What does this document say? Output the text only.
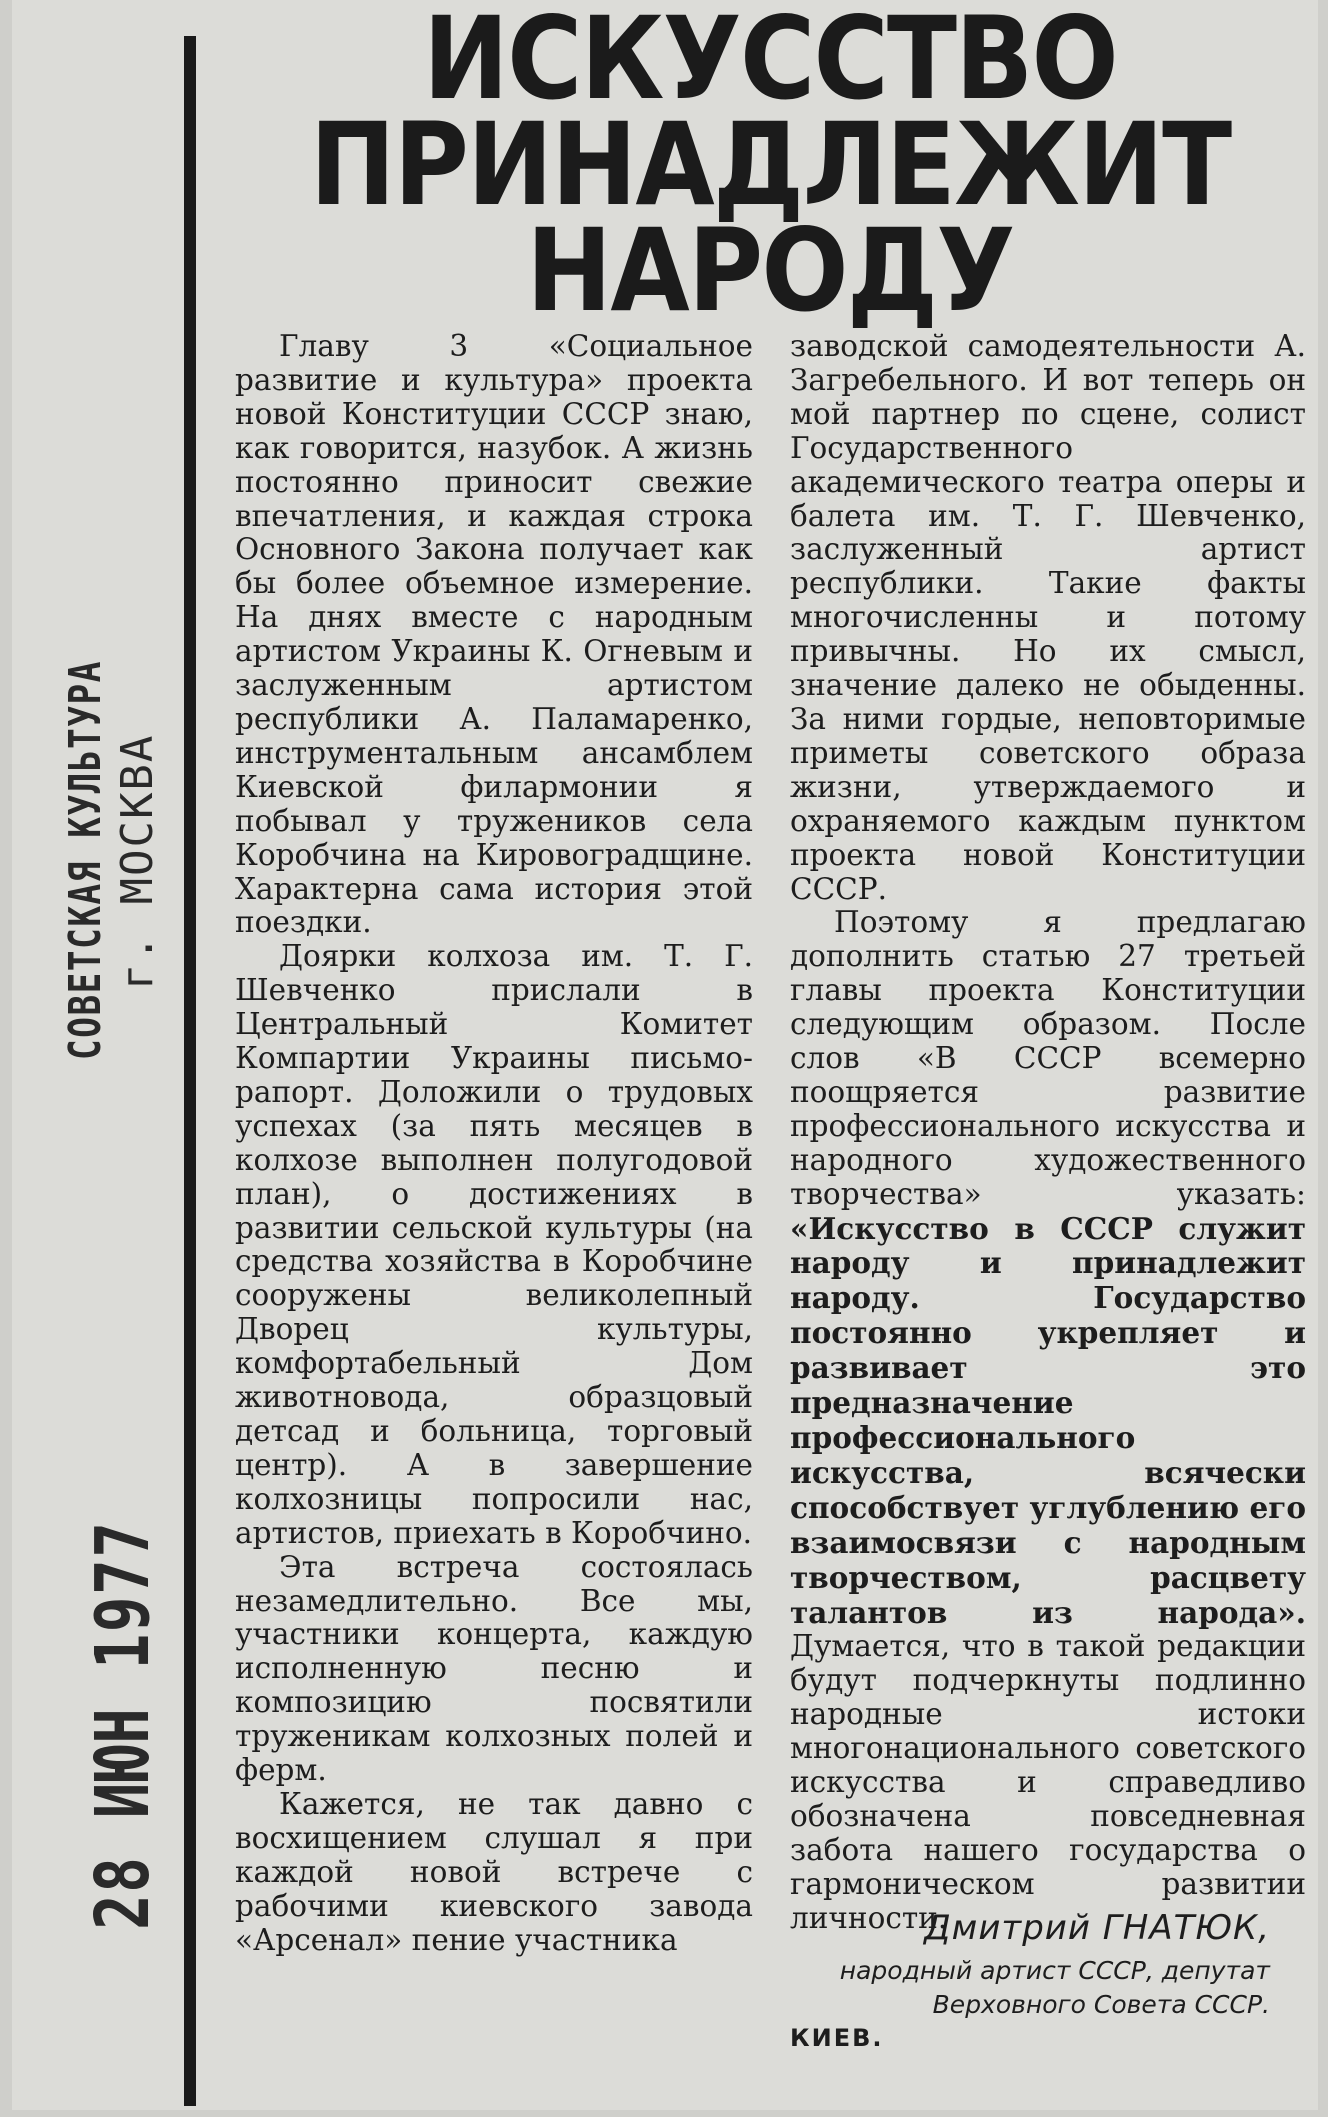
СОВЕТСКАЯ КУЛЬТУРА г. МОСКВА
28 ИЮН 1977
ИСКУССТВО
ПРИНАДЛЕЖИТ
НАРОДУ

Главу 3 «Социальное развитие и культура» проекта новой Конституции СССР знаю, как говорится, назубок. А жизнь постоянно приносит свежие впечатления, и каждая строка Основного Закона получает как бы более объемное измерение. На днях вместе с народным артистом Украины К. Огневым и заслуженным артистом республики А. Паламаренко, инструментальным ансамблем Киевской филармонии я побывал у тружеников села Коробчина на Кировоградщине. Характерна сама история этой поездки.

Доярки колхоза им. Т. Г. Шевченко прислали в Центральный Комитет Компартии Украины письмо-рапорт. Доложили о трудовых успехах (за пять месяцев в колхозе выполнен полугодовой план), о достижениях в развитии сельской культуры (на средства хозяйства в Коробчине сооружены великолепный Дворец культуры, комфортабельный Дом животновода, образцовый детсад и больница, торговый центр). А в завершение колхозницы попросили нас, артистов, приехать в Коробчино.

Эта встреча состоялась незамедлительно. Все мы, участники концерта, каждую исполненную песню и композицию посвятили труженикам колхозных полей и ферм.

Кажется, не так давно с восхищением слушал я при каждой новой встрече с рабочими киевского завода «Арсенал» пение участника

заводской самодеятельности А. Загребельного. И вот теперь он мой партнер по сцене, солист Государственного академического театра оперы и балета им. Т. Г. Шевченко, заслуженный артист республики. Такие факты многочисленны и потому привычны. Но их смысл, значение далеко не обыденны. За ними гордые, неповторимые приметы советского образа жизни, утверждаемого и охраняемого каждым пунктом проекта новой Конституции СССР.

Поэтому я предлагаю дополнить статью 27 третьей главы проекта Конституции следующим образом. После слов «В СССР всемерно поощряется развитие профессионального искусства и народного художественного творчества» указать: «Искусство в СССР служит народу и принадлежит народу. Государство постоянно укрепляет и развивает это предназначение профессионального искусства, всячески способствует углублению его взаимосвязи с народным творчеством, расцвету талантов из народа». Думается, что в такой редакции будут подчеркнуты подлинно народные истоки многонационального советского искусства и справедливо обозначена повседневная забота нашего государства о гармоническом развитии личности.

Дмитрий ГНАТЮК,
народный артист СССР, депутат Верховного Совета СССР.
КИЕВ.
